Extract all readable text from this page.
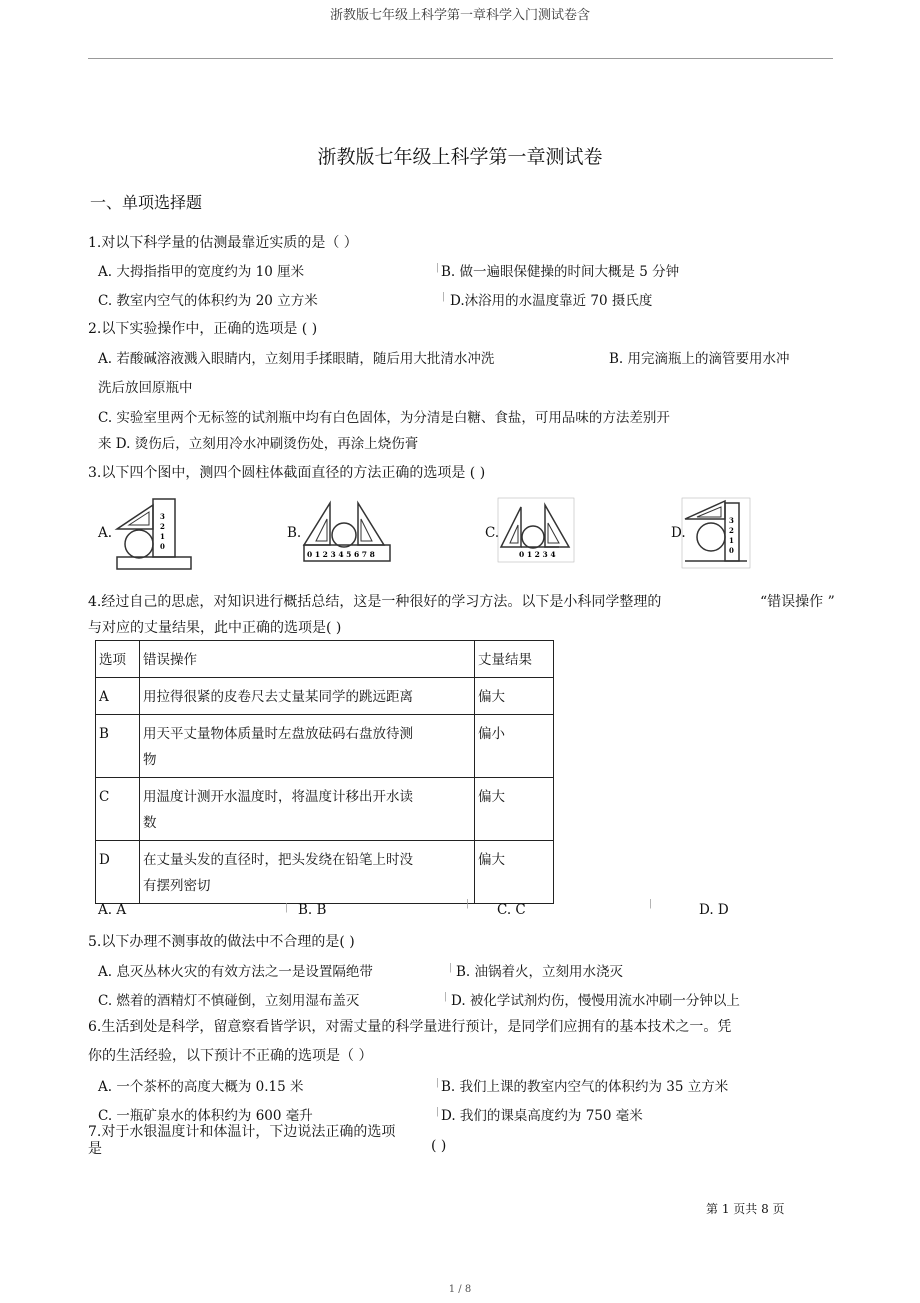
浙教版七年级上科学第一章科学入门测试卷含
浙教版七年级上科学第一章测试卷
一、单项选择题
1.对以下科学量的估测最靠近实质的是（ ）
A. 大拇指指甲的宽度约为 10 厘米	| B. 做一遍眼保健操的时间大概是 5 分钟
C. 教室内空气的体积约为 20 立方米	| D.沐浴用的水温度靠近 70 摄氏度
2.以下实验操作中，正确的选项是 ( )
A. 若酸碱溶液溅入眼睛内，立刻用手揉眼睛，随后用大批清水冲洗	B. 用完滴瓶上的滴管要用水冲
洗后放回原瓶中
C. 实验室里两个无标签的试剂瓶中均有白色固体，为分清是白糖、食盐，可用品味的方法差别开
来 D. 烫伤后，立刻用冷水冲刷烫伤处，再涂上烧伤膏
3.以下四个图中，测四个圆柱体截面直径的方法正确的选项是 ( )
A.	B.	C.	D.
3
2
1
0
0 1 2 3 4 5 6 7 8	0 1 2 3 4
3
2
1
0
4.经过自己的思虑，对知识进行概括总结，这是一种很好的学习方法。以下是小科同学整理的	“错误操作 ”
与对应的丈量结果，此中正确的选项是( )
选项	错误操作	丈量结果
A	用拉得很紧的皮卷尺去丈量某同学的跳远距离	偏大
B	用天平丈量物体质量时左盘放砝码右盘放待测
物	偏小
C	用温度计测开水温度时，将温度计移出开水读
数	偏大
D	在丈量头发的直径时，把头发绕在铅笔上时没
有摆列密切	偏大
A. A	| B. B	| C. C	|	D. D
5.以下办理不测事故的做法中不合理的是( )
A. 息灭丛林火灾的有效方法之一是设置隔绝带	| B. 油锅着火，立刻用水浇灭
C. 燃着的酒精灯不慎碰倒，立刻用湿布盖灭	| D. 被化学试剂灼伤，慢慢用流水冲刷一分钟以上
6.生活到处是科学，留意察看皆学识，对需丈量的科学量进行预计，是同学们应拥有的基本技术之一。凭
你的生活经验，以下预计不正确的选项是（ ）
A. 一个茶杯的高度大概为 0.15 米	| B. 我们上课的教室内空气的体积约为 35 立方米
C. 一瓶矿泉水的体积约为 600 毫升	| D. 我们的课桌高度约为 750 毫米
7.对于水银温度计和体温计，下边说法正确的选项
是	( )
第 1 页共 8 页
1 / 8
